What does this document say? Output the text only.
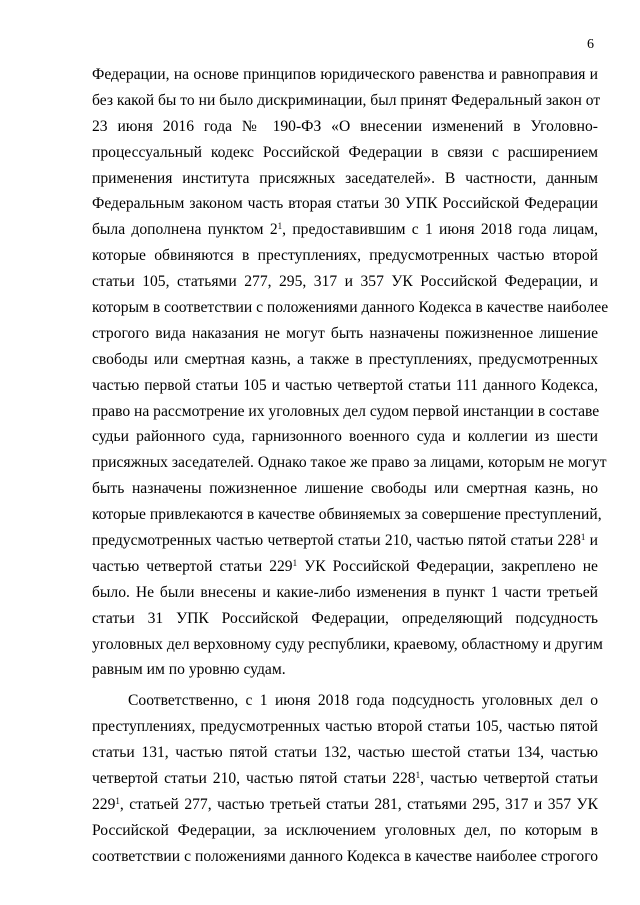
6
Федерации, на основе принципов юридического равенства и равноправия и
без какой бы то ни было дискриминации, был принят Федеральный закон от
23 июня 2016 года № 190-ФЗ «О внесении изменений в Уголовно-
процессуальный кодекс Российской Федерации в связи с расширением
применения института присяжных заседателей». В частности, данным
Федеральным законом часть вторая статьи 30 УПК Российской Федерации
была дополнена пунктом $2^1$, предоставившим с 1 июня 2018 года лицам,
которые обвиняются в преступлениях, предусмотренных частью второй
статьи 105, статьями 277, 295, 317 и 357 УК Российской Федерации, и
которым в соответствии с положениями данного Кодекса в качестве наиболее
строгого вида наказания не могут быть назначены пожизненное лишение
свободы или смертная казнь, а также в преступлениях, предусмотренных
частью первой статьи 105 и частью четвертой статьи 111 данного Кодекса,
право на рассмотрение их уголовных дел судом первой инстанции в составе
судьи районного суда, гарнизонного военного суда и коллегии из шести
присяжных заседателей. Однако такое же право за лицами, которым не могут
быть назначены пожизненное лишение свободы или смертная казнь, но
которые привлекаются в качестве обвиняемых за совершение преступлений,
предусмотренных частью четвертой статьи 210, частью пятой статьи $228^1$ и
частью четвертой статьи $229^1$ УК Российской Федерации, закреплено не
было. Не были внесены и какие-либо изменения в пункт 1 части третьей
статьи 31 УПК Российской Федерации, определяющий подсудность
уголовных дел верховному суду республики, краевому, областному и другим
равным им по уровню судам.
Соответственно, с 1 июня 2018 года подсудность уголовных дел о
преступлениях, предусмотренных частью второй статьи 105, частью пятой
статьи 131, частью пятой статьи 132, частью шестой статьи 134, частью
четвертой статьи 210, частью пятой статьи $228^1$, частью четвертой статьи
$229^1$, статьей 277, частью третьей статьи 281, статьями 295, 317 и 357 УК
Российской Федерации, за исключением уголовных дел, по которым в
соответствии с положениями данного Кодекса в качестве наиболее строгого
